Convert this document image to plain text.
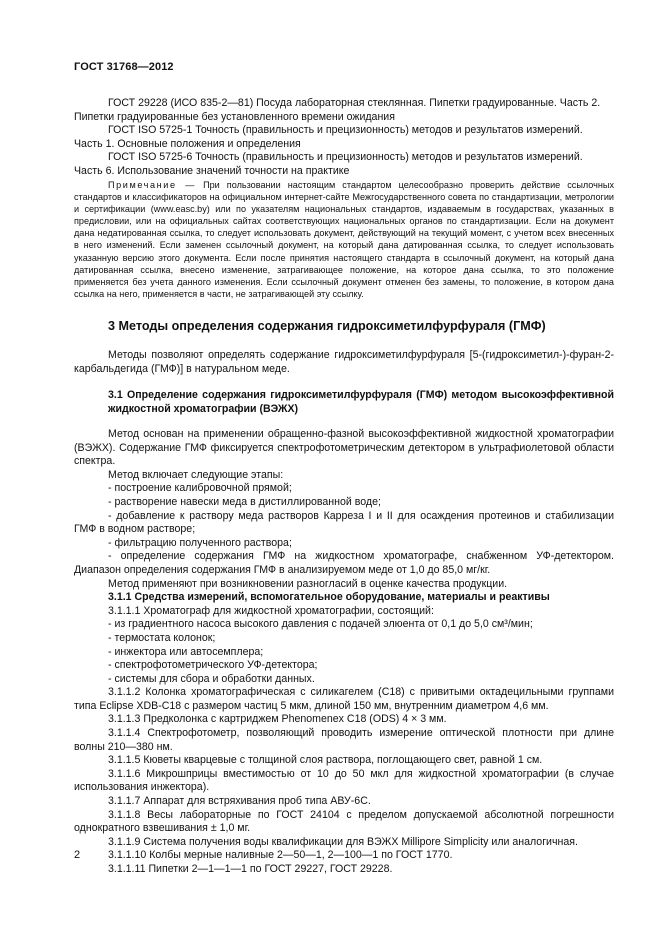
ГОСТ 31768—2012

ГОСТ 29228 (ИСО 835-2—81) Посуда лабораторная стеклянная. Пипетки градуированные. Часть 2.
Пипетки градуированные без установленного времени ожидания

ГОСТ ISO 5725-1 Точность (правильность и прецизионность) методов и результатов измерений.
Часть 1. Основные положения и определения

ГОСТ ISO 5725-6 Точность (правильность и прецизионность) методов и результатов измерений.
Часть 6. Использование значений точности на практике

Примечание — При пользовании настоящим стандартом целесообразно проверить действие ссылочных стандартов и классификаторов на официальном интернет-сайте Межгосударственного совета по стандартизации, метрологии и сертификации (www.easc.by) или по указателям национальных стандартов, издаваемым в государствах, указанных в предисловии, или на официальных сайтах соответствующих национальных органов по стандартизации. Если на документ дана недатированная ссылка, то следует использовать документ, действующий на текущий момент, с учетом всех внесенных в него изменений. Если заменен ссылочный документ, на который дана датированная ссылка, то следует использовать указанную версию этого документа. Если после принятия настоящего стандарта в ссылочный документ, на который дана датированная ссылка, внесено изменение, затрагивающее положение, на которое дана ссылка, то это положение применяется без учета данного изменения. Если ссылочный документ отменен без замены, то положение, в котором дана ссылка на него, применяется в части, не затрагивающей эту ссылку.

3 Методы определения содержания гидроксиметилфурфураля (ГМФ)

Методы позволяют определять содержание гидроксиметилфурфураля [5-(гидроксиметил-)-фуран-2-карбальдегида (ГМФ)] в натуральном меде.

3.1 Определение содержания гидроксиметилфурфураля (ГМФ) методом высокоэффективной жидкостной хроматографии (ВЭЖХ)

Метод основан на применении обращенно-фазной высокоэффективной жидкостной хроматографии (ВЭЖХ). Содержание ГМФ фиксируется спектрофотометрическим детектором в ультрафиолетовой области спектра.

Метод включает следующие этапы:

- построение калибровочной прямой;

- растворение навески меда в дистиллированной воде;

- добавление к раствору меда растворов Карреза I и II для осаждения протеинов и стабилизации ГМФ в водном растворе;

- фильтрацию полученного раствора;

- определение содержания ГМФ на жидкостном хроматографе, снабженном УФ-детектором. Диапазон определения содержания ГМФ в анализируемом меде от 1,0 до 85,0 мг/кг.

Метод применяют при возникновении разногласий в оценке качества продукции.

3.1.1 Средства измерений, вспомогательное оборудование, материалы и реактивы

3.1.1.1 Хроматограф для жидкостной хроматографии, состоящий:

- из градиентного насоса высокого давления с подачей элюента от 0,1 до 5,0 см³/мин;

- термостата колонок;

- инжектора или автосемплера;

- спектрофотометрического УФ-детектора;

- системы для сбора и обработки данных.

3.1.1.2 Колонка хроматографическая с силикагелем (С18) с привитыми октадецильными группами типа Eclipse XDB-C18 с размером частиц 5 мкм, длиной 150 мм, внутренним диаметром 4,6 мм.

3.1.1.3 Предколонка с картриджем Phenomenex C18 (ODS) 4 × 3 мм.

3.1.1.4 Спектрофотометр, позволяющий проводить измерение оптической плотности при длине волны 210—380 нм.

3.1.1.5 Кюветы кварцевые с толщиной слоя раствора, поглощающего свет, равной 1 см.

3.1.1.6 Микрошприцы вместимостью от 10 до 50 мкл для жидкостной хроматографии (в случае использования инжектора).

3.1.1.7 Аппарат для встряхивания проб типа АВУ-6С.

3.1.1.8 Весы лабораторные по ГОСТ 24104 с пределом допускаемой абсолютной погрешности однократного взвешивания ± 1,0 мг.

3.1.1.9 Система получения воды квалификации для ВЭЖХ Millipore Simplicity или аналогичная.

3.1.1.10 Колбы мерные наливные 2—50—1, 2—100—1 по ГОСТ 1770.

3.1.1.11 Пипетки 2—1—1—1 по ГОСТ 29227, ГОСТ 29228.

2
